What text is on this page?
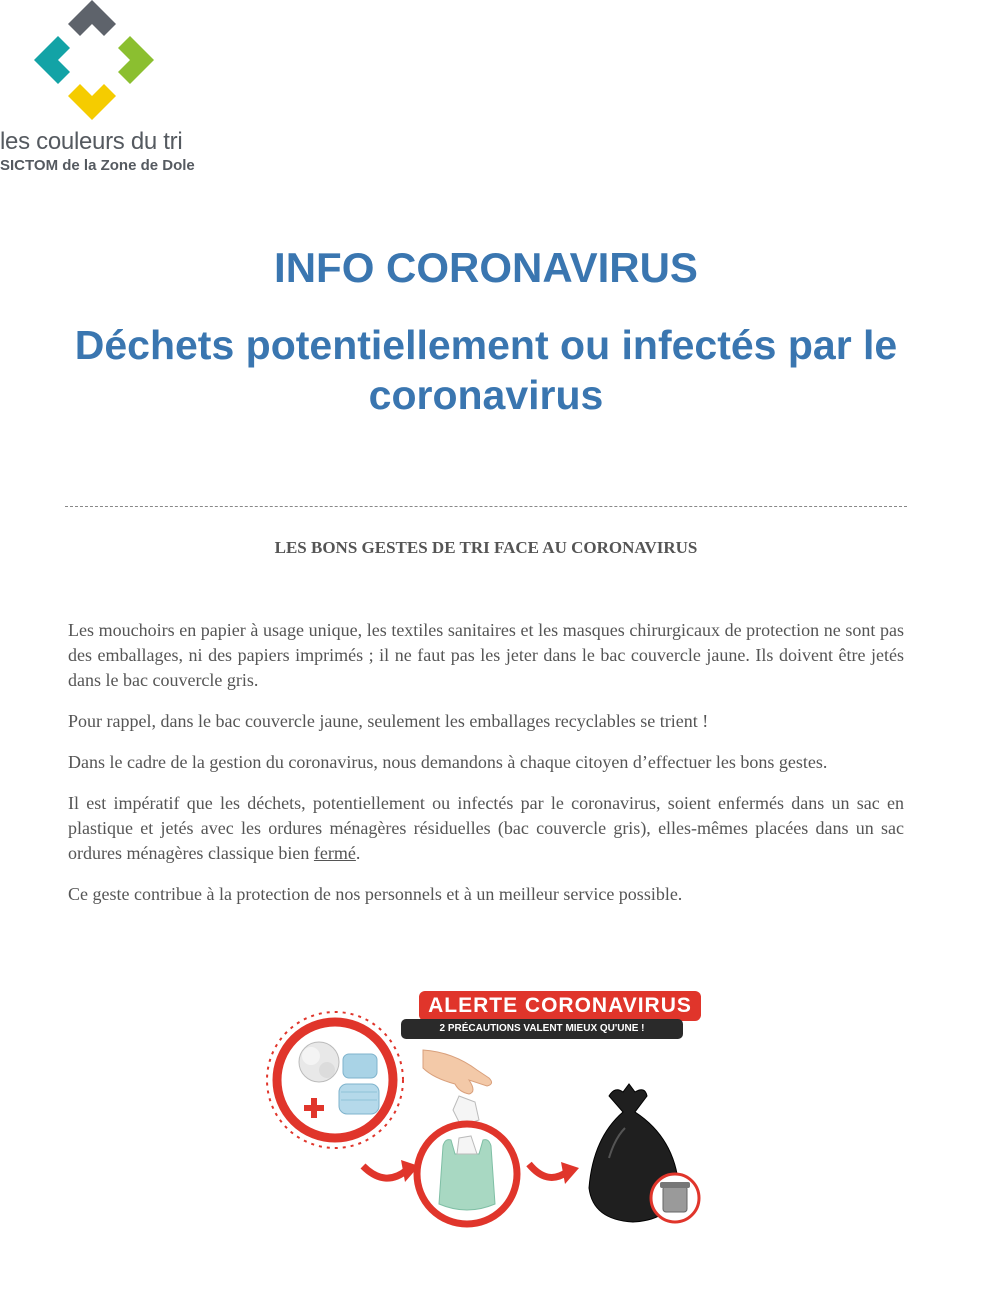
les couleurs du tri
SICTOM de la Zone de Dole
INFO CORONAVIRUS
Déchets potentiellement ou infectés par le coronavirus
LES BONS GESTES DE TRI FACE AU CORONAVIRUS

Les mouchoirs en papier à usage unique, les textiles sanitaires et les masques chirurgicaux de protection ne sont pas des emballages, ni des papiers imprimés ; il ne faut pas les jeter dans le bac couvercle jaune. Ils doivent être jetés dans le bac couvercle gris.

Pour rappel, dans le bac couvercle jaune, seulement les emballages recyclables se trient !

Dans le cadre de la gestion du coronavirus, nous demandons à chaque citoyen d’effectuer les bons gestes.

Il est impératif que les déchets, potentiellement ou infectés par le coronavirus, soient enfermés dans un sac en plastique et jetés avec les ordures ménagères résiduelles (bac couvercle gris), elles-mêmes placées dans un sac ordures ménagères classique bien fermé.

Ce geste contribue à la protection de nos personnels et à un meilleur service possible.

ALERTE CORONAVIRUS
2 PRÉCAUTIONS VALENT MIEUX QU'UNE !
